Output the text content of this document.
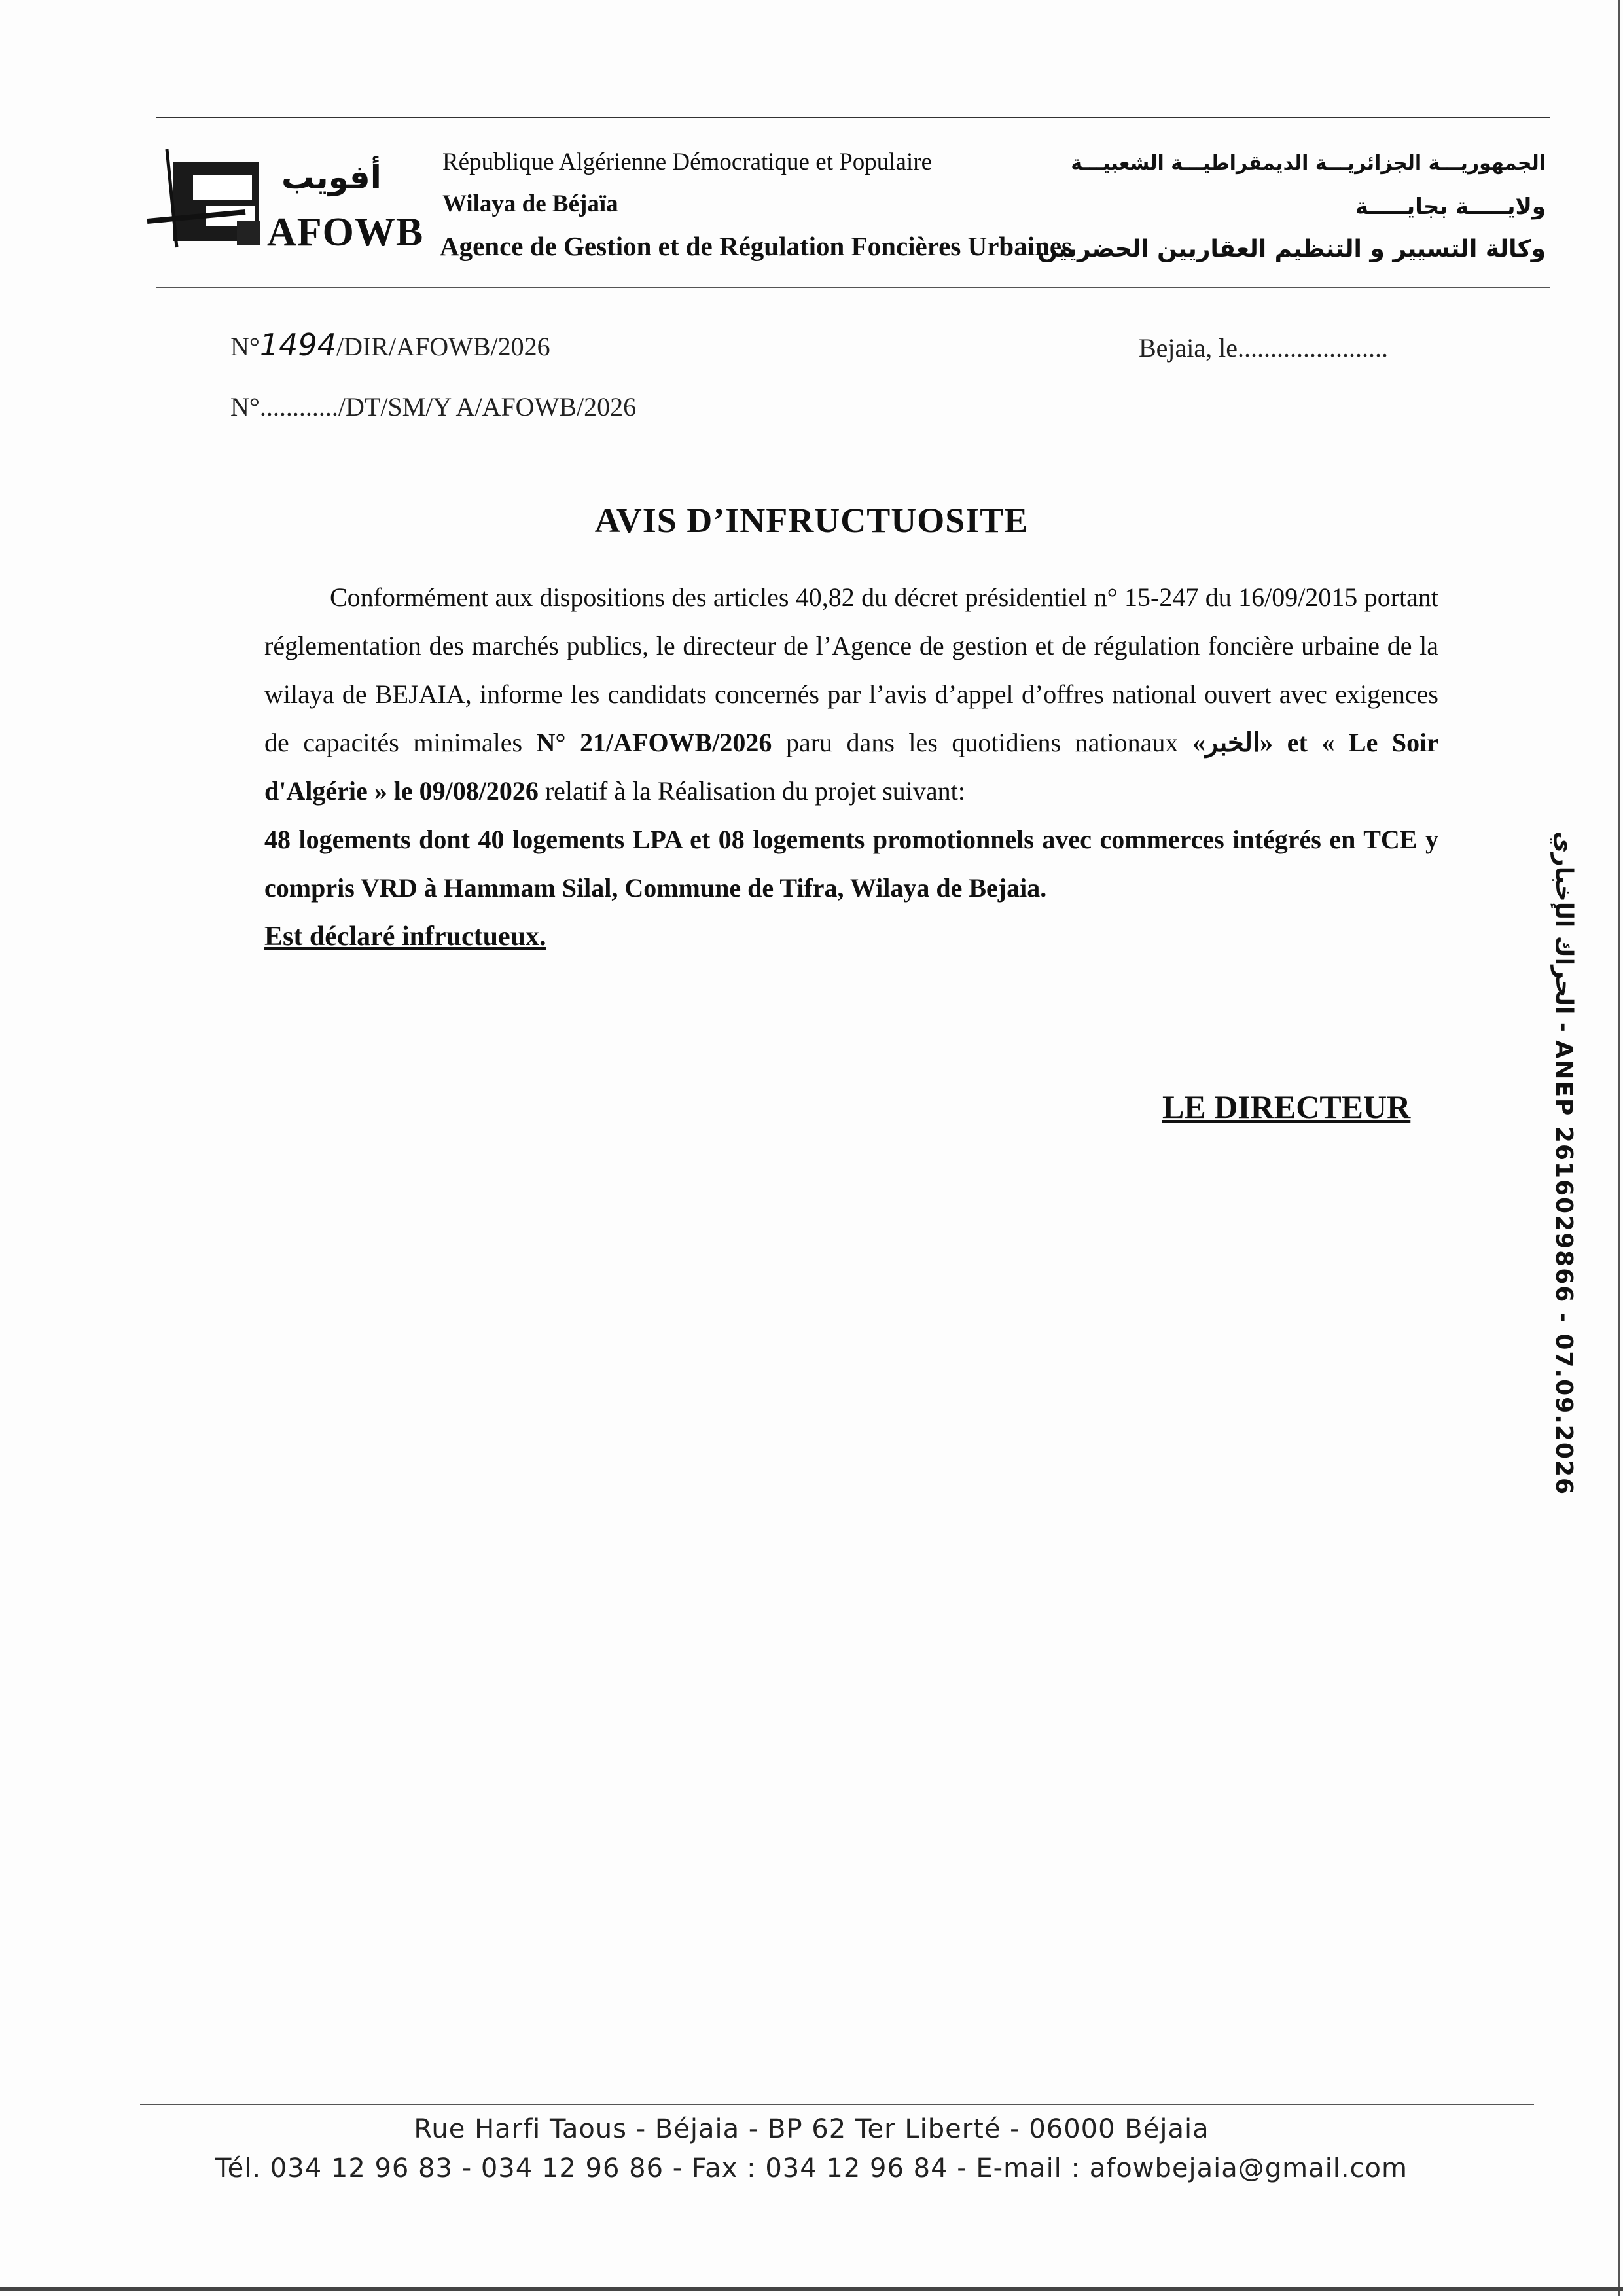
أفويب
AFOWB
République Algérienne Démocratique et Populaire
Wilaya de Béjaïa
Agence de Gestion et de Régulation Foncières Urbaines
الجمهوريـــة الجزائريـــة الديمقراطيـــة الشعبيـــة
ولايـــــة بجايـــــة
وكالة التسيير و التنظيم العقاريين الحضريين
N°1494/DIR/AFOWB/2026
N°............/DT/SM/Y A/AFOWB/2026
Bejaia, le.......................
AVIS D’INFRUCTUOSITE

Conformément aux dispositions des articles 40,82 du décret présidentiel n° 15-247 du 16/09/2015 portant réglementation des marchés publics, le directeur de l’Agence de gestion et de régulation foncière urbaine de la wilaya de BEJAIA, informe les candidats concernés par l’avis d’appel d’offres national ouvert avec exigences de capacités minimales N° 21/AFOWB/2026 paru dans les quotidiens nationaux «الخبر» et « Le Soir d'Algérie » le 09/08/2026 relatif à la Réalisation du projet suivant:

48 logements dont 40 logements LPA et 08 logements promotionnels avec commerces intégrés en TCE y compris VRD à Hammam Silal, Commune de Tifra, Wilaya de Bejaia.

Est déclaré infructueux.

LE DIRECTEUR
الحراك الإخباري - ANEP 2616029866 - 07.09.2026
Rue Harfi Taous - Béjaia - BP 62 Ter Liberté - 06000 Béjaia
Tél. 034 12 96 83 - 034 12 96 86 - Fax : 034 12 96 84 - E-mail : afowbejaia@gmail.com
